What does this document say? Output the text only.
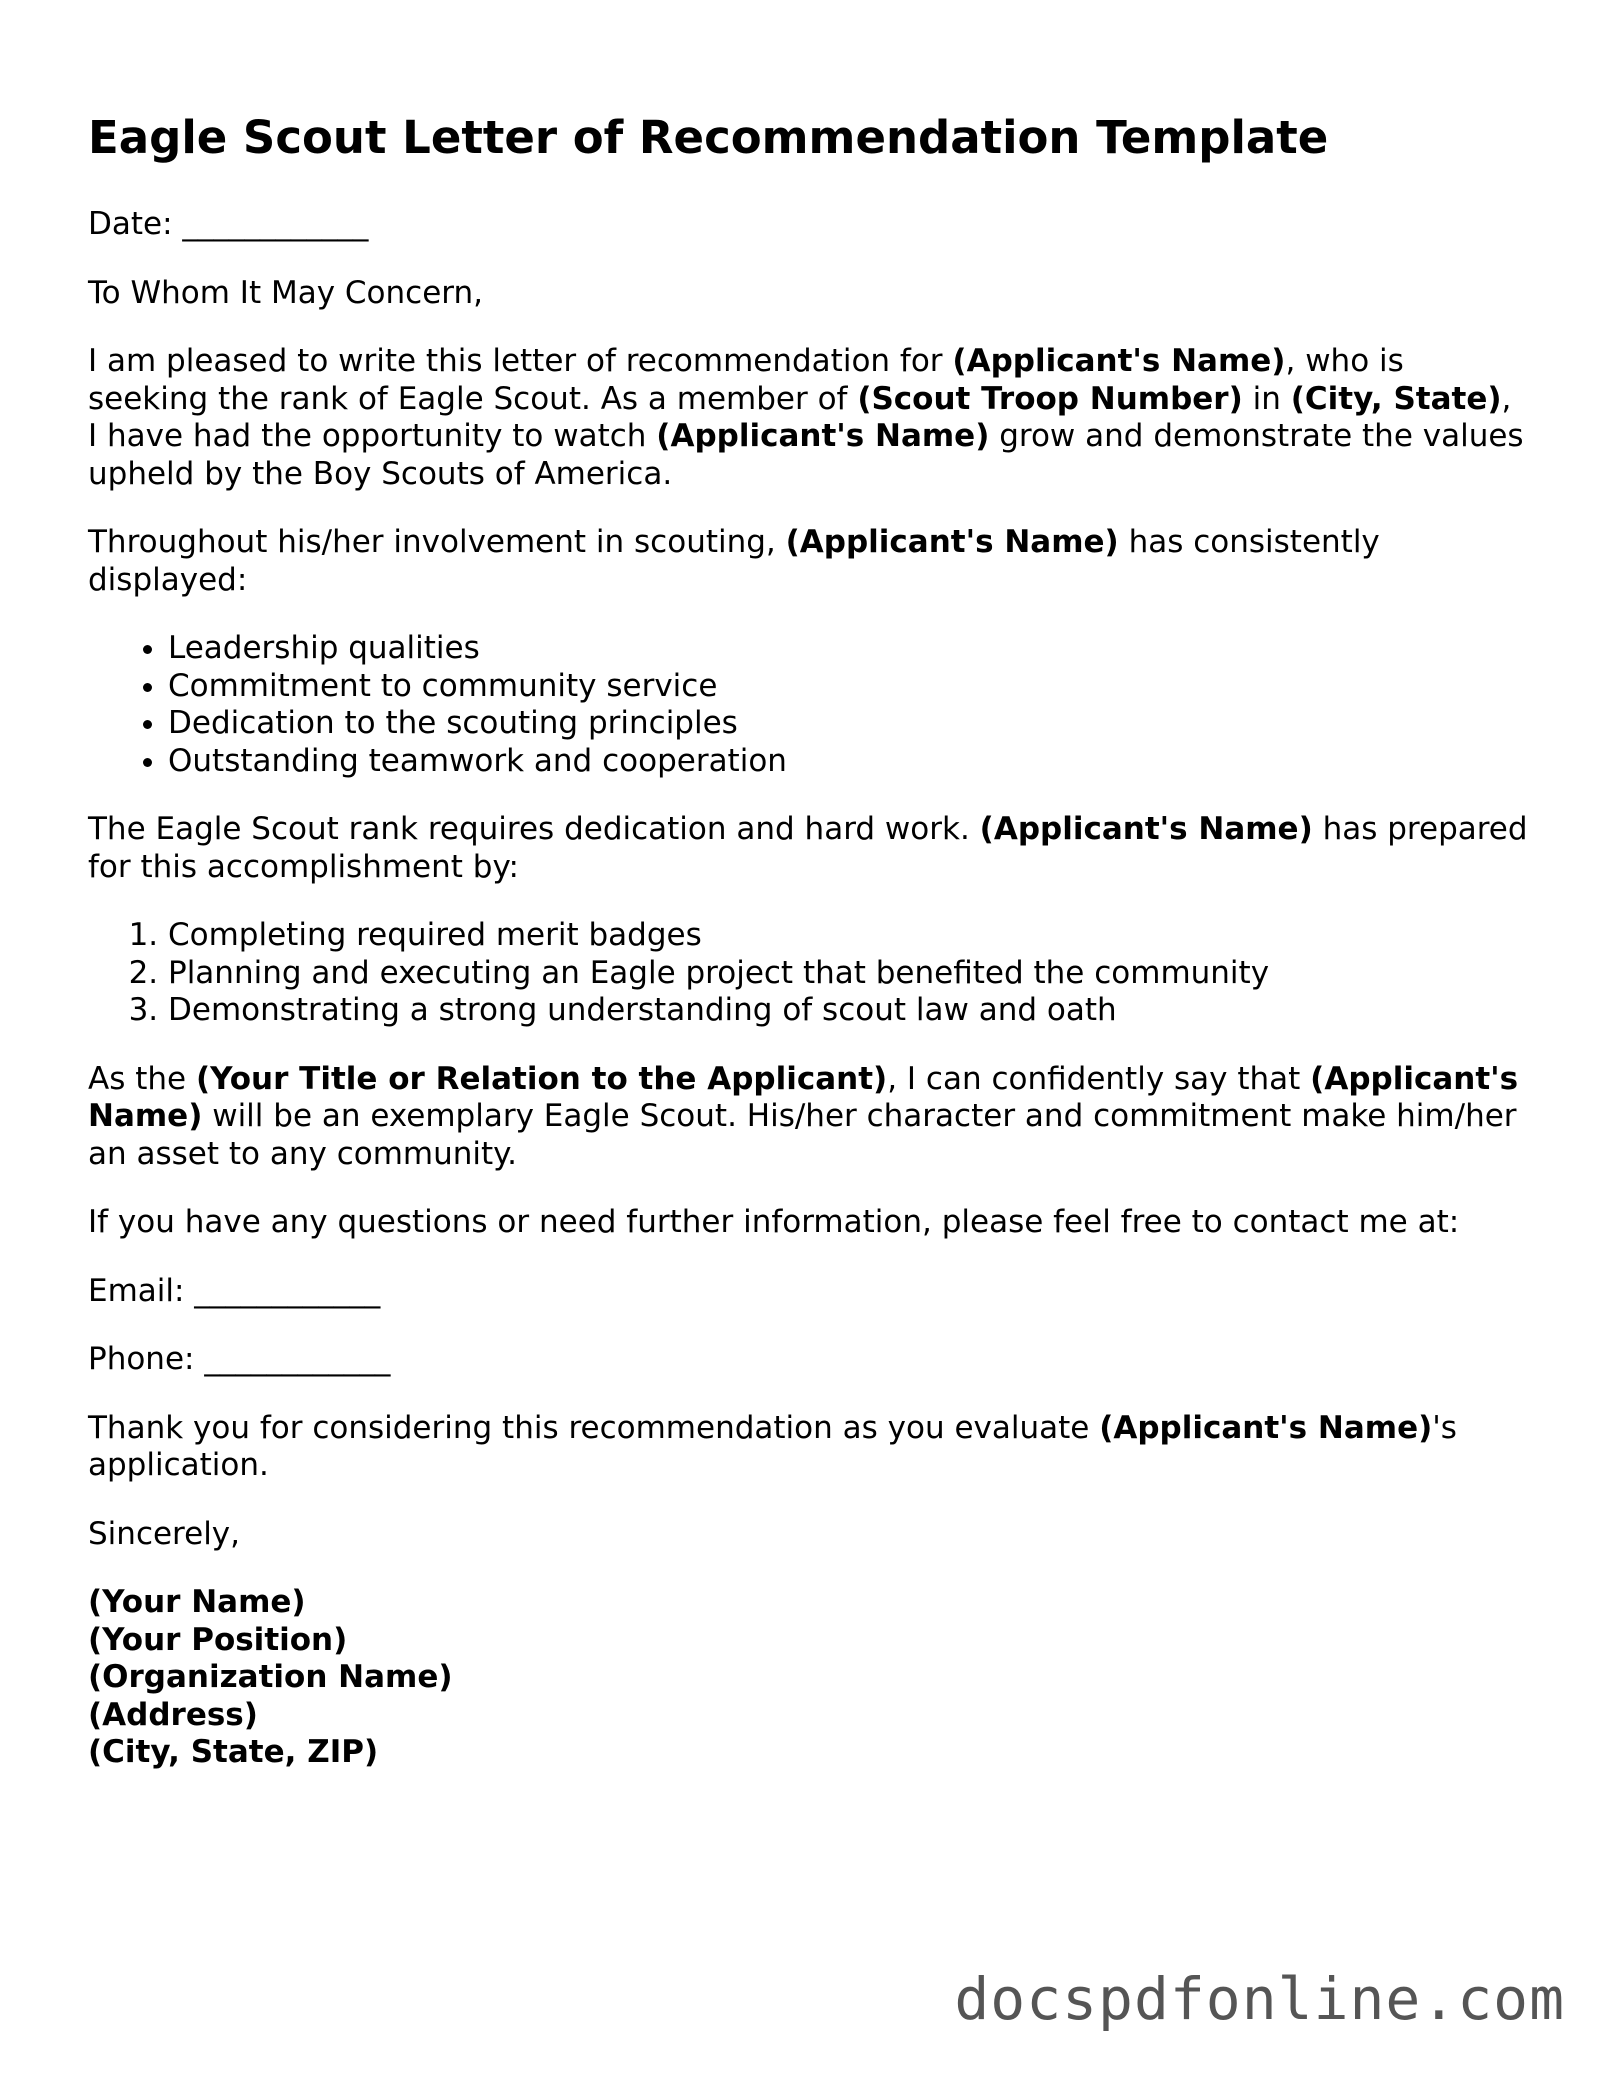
Eagle Scout Letter of Recommendation Template

Date: ____________

To Whom It May Concern,

I am pleased to write this letter of recommendation for (Applicant's Name), who is seeking the rank of Eagle Scout. As a member of (Scout Troop Number) in (City, State), I have had the opportunity to watch (Applicant's Name) grow and demonstrate the values upheld by the Boy Scouts of America.

Throughout his/her involvement in scouting, (Applicant's Name) has consistently displayed:

• Leadership qualities
• Commitment to community service
• Dedication to the scouting principles
• Outstanding teamwork and cooperation

The Eagle Scout rank requires dedication and hard work. (Applicant's Name) has prepared for this accomplishment by:

1. Completing required merit badges
2. Planning and executing an Eagle project that benefited the community
3. Demonstrating a strong understanding of scout law and oath

As the (Your Title or Relation to the Applicant), I can confidently say that (Applicant's Name) will be an exemplary Eagle Scout. His/her character and commitment make him/her an asset to any community.

If you have any questions or need further information, please feel free to contact me at:

Email: ____________

Phone: ____________

Thank you for considering this recommendation as you evaluate (Applicant's Name)'s application.

Sincerely,

(Your Name)
(Your Position)
(Organization Name)
(Address)
(City, State, ZIP)

docspdfonline.com
